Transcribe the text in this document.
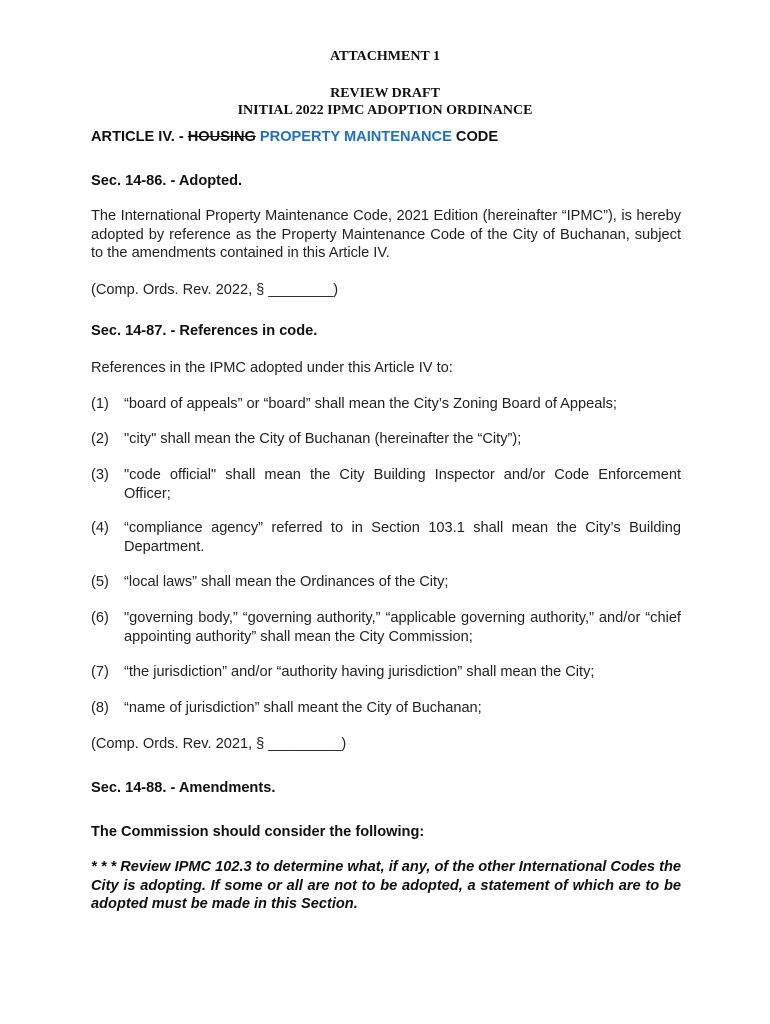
ATTACHMENT 1
REVIEW DRAFT
INITIAL 2022 IPMC ADOPTION ORDINANCE
ARTICLE IV. - HOUSING PROPERTY MAINTENANCE CODE
Sec. 14-86. - Adopted.
The International Property Maintenance Code, 2021 Edition (hereinafter “IPMC”), is hereby adopted by reference as the Property Maintenance Code of the City of Buchanan, subject to the amendments contained in this Article IV.
(Comp. Ords. Rev. 2022, § ________)
Sec. 14-87. - References in code.
References in the IPMC adopted under this Article IV to:
(1) “board of appeals” or “board” shall mean the City’s Zoning Board of Appeals;
(2) "city" shall mean the City of Buchanan (hereinafter the “City”);
(3) "code official" shall mean the City Building Inspector and/or Code Enforcement Officer;
(4) “compliance agency” referred to in Section 103.1 shall mean the City’s Building Department.
(5) “local laws” shall mean the Ordinances of the City;
(6) "governing body,” “governing authority,” “applicable governing authority,” and/or “chief appointing authority” shall mean the City Commission;
(7) “the jurisdiction” and/or “authority having jurisdiction” shall mean the City;
(8) “name of jurisdiction” shall meant the City of Buchanan;
(Comp. Ords. Rev. 2021, § _________)
Sec. 14-88. - Amendments.
The Commission should consider the following:
* * * Review IPMC 102.3 to determine what, if any, of the other International Codes the City is adopting. If some or all are not to be adopted, a statement of which are to be adopted must be made in this Section.
